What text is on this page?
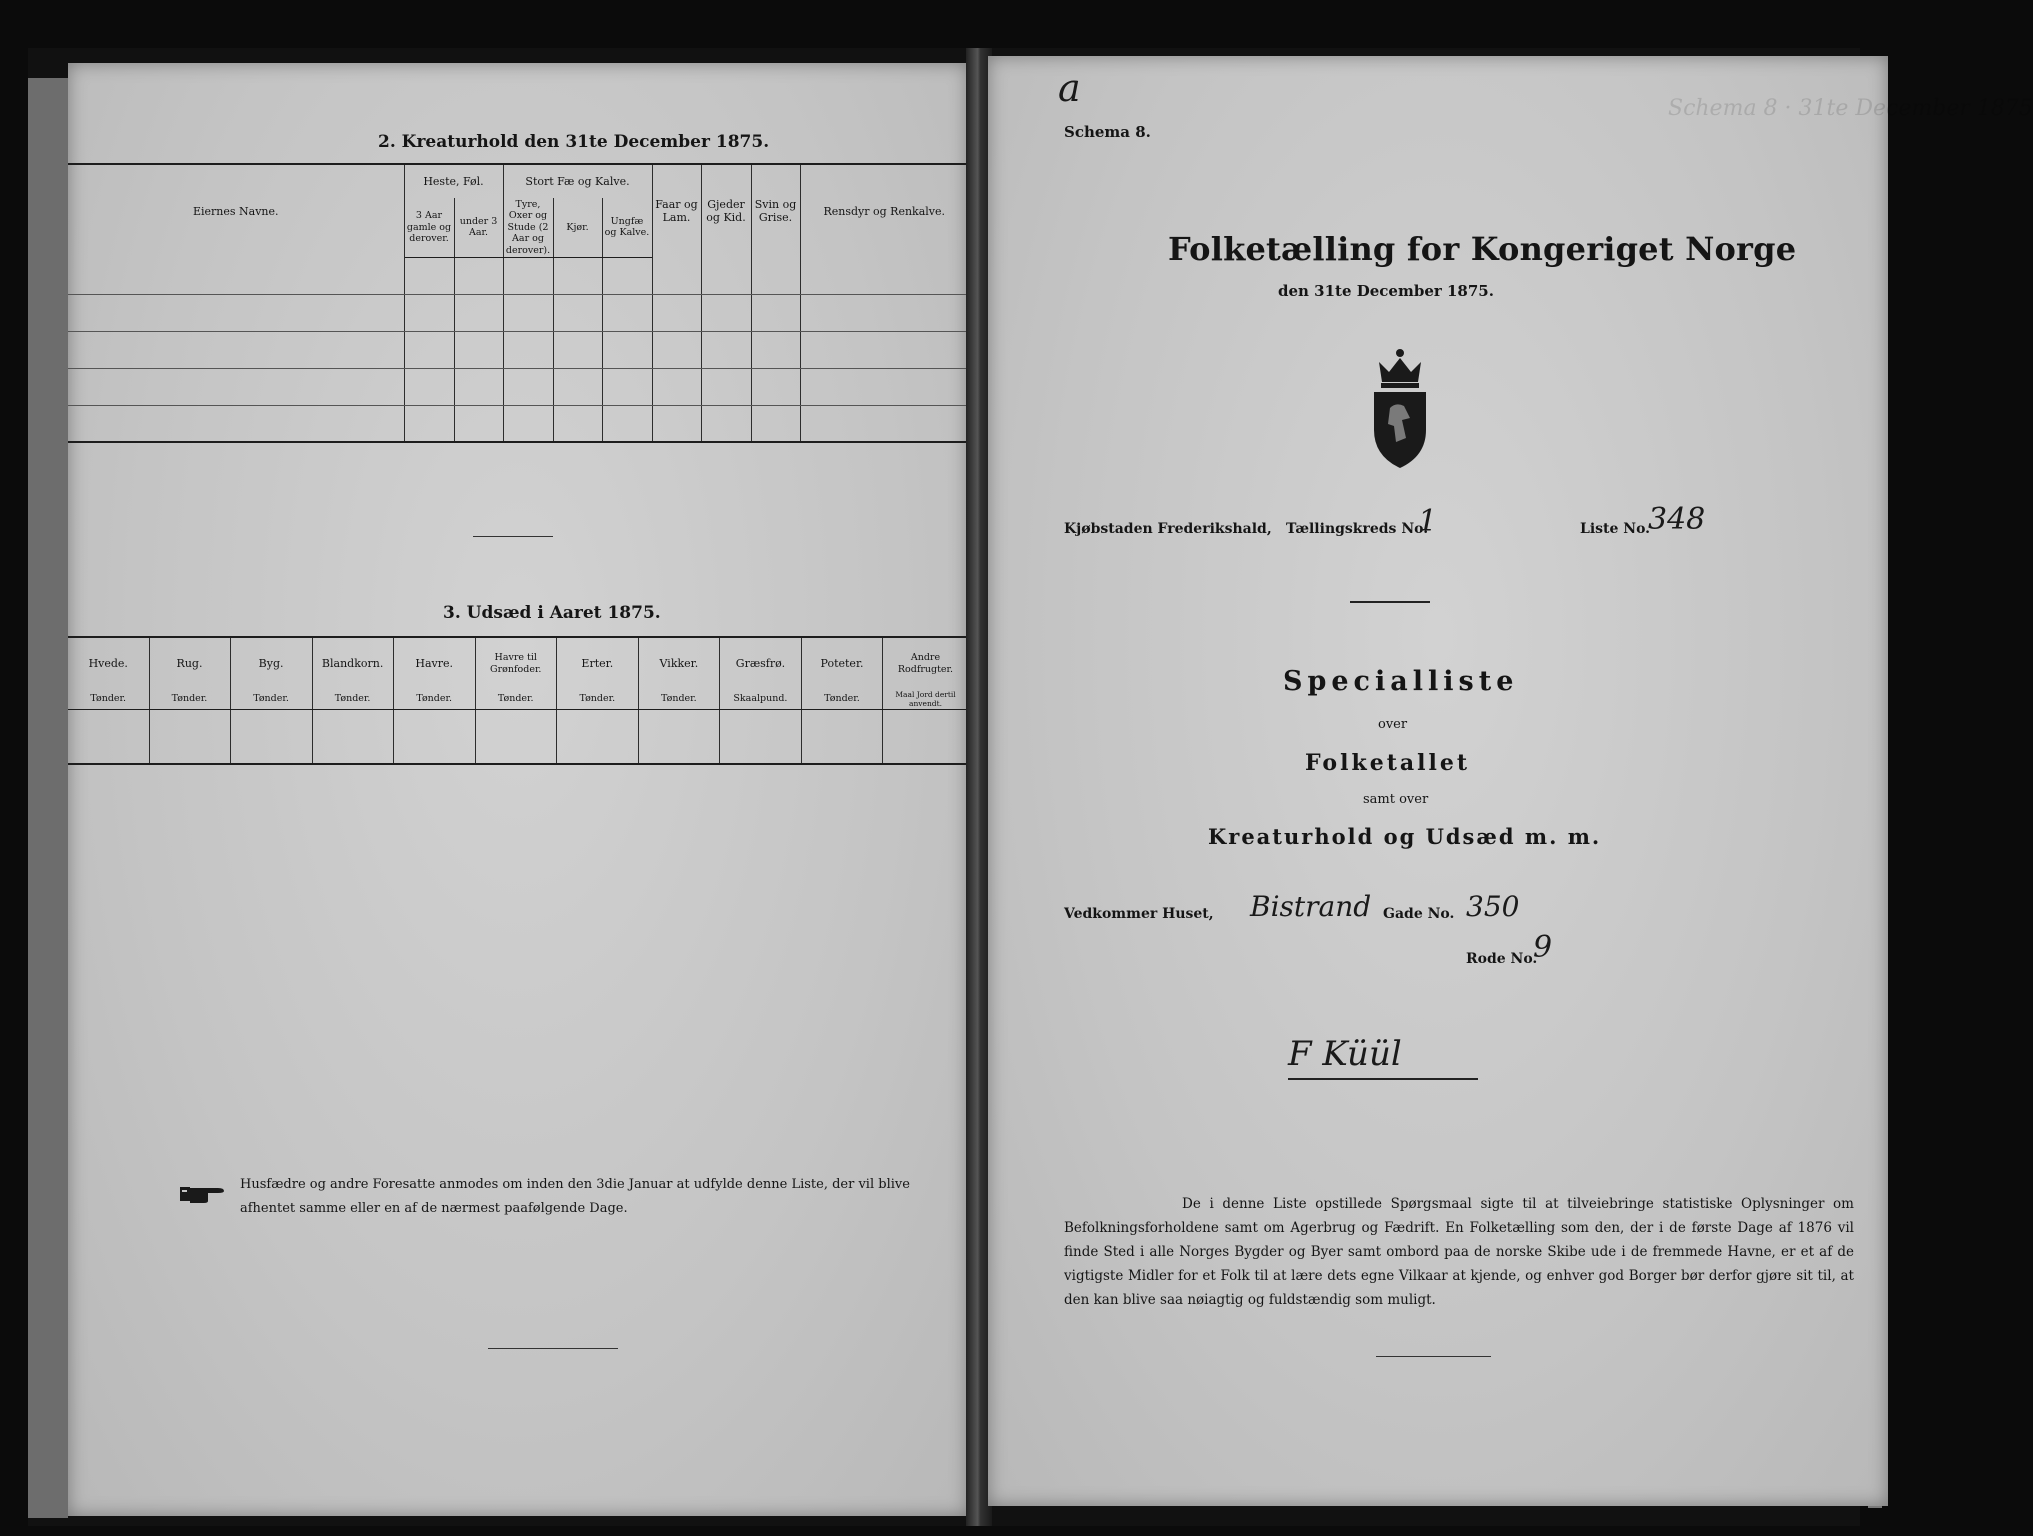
2. Kreaturhold den 31te December 1875.
Eiernes Navne.	Heste, Føl.		Stort Fæ og Kalve.			Faar og Lam.	Gjeder og Kid.	Svin og Grise.	Rensdyr og Renkalve.
	3 Aar gamle og derover.	under 3 Aar.	Tyre, Oxer og Stude (2 Aar og derover).	Kjør.	Ungfæ og Kalve.				

3. Udsæd i Aaret 1875.
Hvede.	Rug.	Byg.	Blandkorn.	Havre.	Havre til Grønfoder.	Erter.	Vikker.	Græsfrø.	Poteter.	Andre Rodfrugter.
Tønder.	Tønder.	Tønder.	Tønder.	Tønder.	Tønder.	Tønder.	Tønder.	Skaalpund.	Tønder.	Maal Jord dertil anvendt.

Husfædre og andre Foresatte anmodes om inden den 3die Januar at udfylde denne Liste, der vil blive afhentet samme eller en af de nærmest paafølgende Dage.
Schema 8 · 31te December 1875
a
Schema 8.
Folketælling for Kongeriget Norge
den 31te December 1875.
Kjøbstaden Frederikshald, Tællingskreds No.
1	Liste No.
348
Specialliste
over
Folketallet
samt over
Kreaturhold og Udsæd m. m.
Vedkommer Huset, Bistrand Gade No. 350
Rode No.
9
F Küül
De i denne Liste opstillede Spørgsmaal sigte til at tilveiebringe statistiske Oplysninger om Befolkningsforholdene samt om Agerbrug og Fædrift. En Folketælling som den, der i de første Dage af 1876 vil finde Sted i alle Norges Bygder og Byer samt ombord paa de norske Skibe ude i de fremmede Havne, er et af de vigtigste Midler for et Folk til at lære dets egne Vilkaar at kjende, og enhver god Borger bør derfor gjøre sit til, at den kan blive saa nøiagtig og fuldstændig som muligt.
